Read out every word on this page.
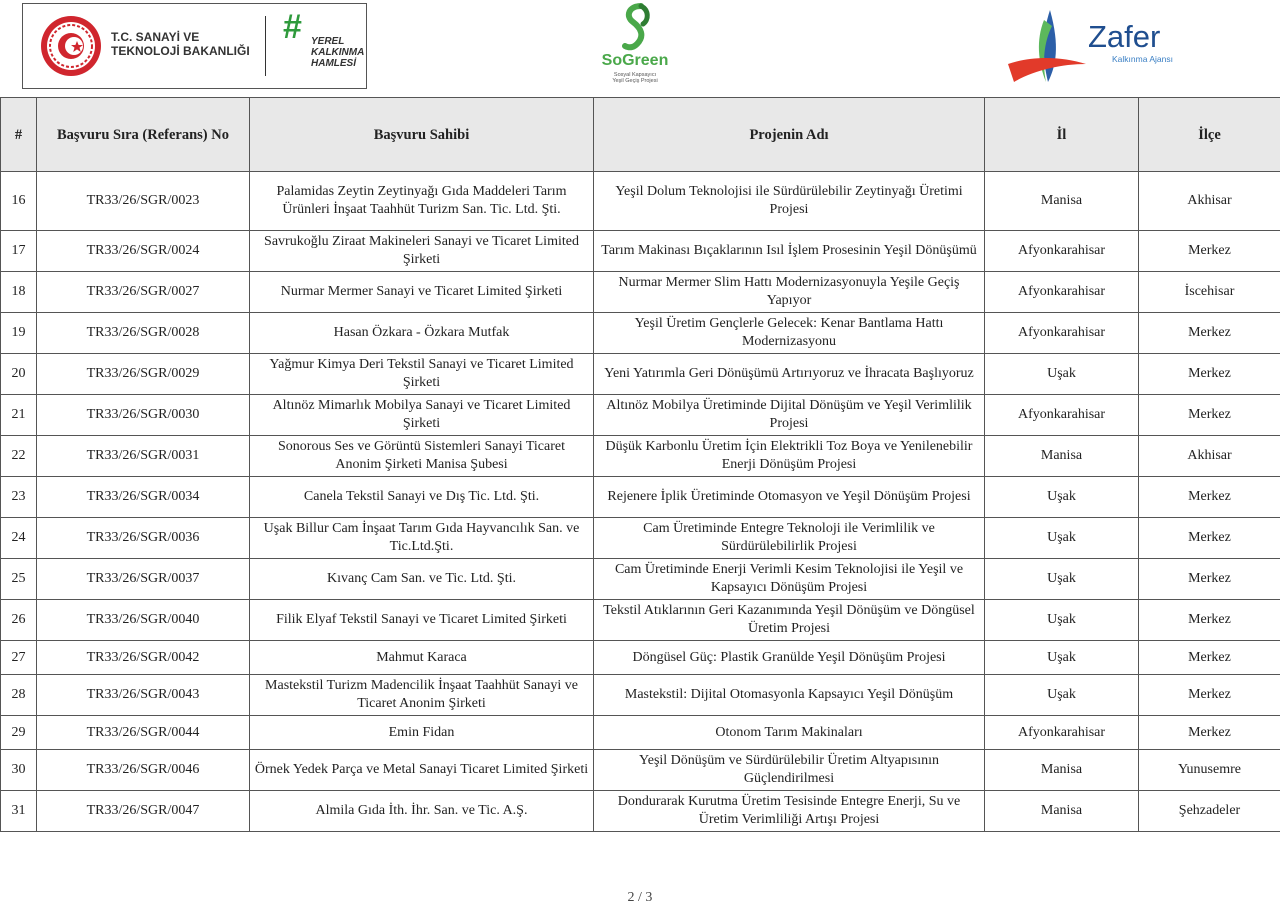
T.C. SANAYİ VE
TEKNOLOJİ BAKANLIĞI
# YEREL
KALKINMA
HAMLESİ	SoGreen
Sosyal Kapsayıcı
Yeşil Geçiş Projesi
Zafer
Kalkınma Ajansı
#	Başvuru Sıra (Referans) No	Başvuru Sahibi	Projenin Adı	İl	İlçe
16	TR33/26/SGR/0023	Palamidas Zeytin Zeytinyağı Gıda Maddeleri Tarım Ürünleri İnşaat Taahhüt Turizm San. Tic. Ltd. Şti.	Yeşil Dolum Teknolojisi ile Sürdürülebilir Zeytinyağı Üretimi Projesi	Manisa	Akhisar
17	TR33/26/SGR/0024	Savrukoğlu Ziraat Makineleri Sanayi ve Ticaret Limited Şirketi	Tarım Makinası Bıçaklarının Isıl İşlem Prosesinin Yeşil Dönüşümü	Afyonkarahisar	Merkez
18	TR33/26/SGR/0027	Nurmar Mermer Sanayi ve Ticaret Limited Şirketi	Nurmar Mermer Slim Hattı Modernizasyonuyla Yeşile Geçiş Yapıyor	Afyonkarahisar	İscehisar
19	TR33/26/SGR/0028	Hasan Özkara - Özkara Mutfak	Yeşil Üretim Gençlerle Gelecek: Kenar Bantlama Hattı Modernizasyonu	Afyonkarahisar	Merkez
20	TR33/26/SGR/0029	Yağmur Kimya Deri Tekstil Sanayi ve Ticaret Limited Şirketi	Yeni Yatırımla Geri Dönüşümü Artırıyoruz ve İhracata Başlıyoruz	Uşak	Merkez
21	TR33/26/SGR/0030	Altınöz Mimarlık Mobilya Sanayi ve Ticaret Limited Şirketi	Altınöz Mobilya Üretiminde Dijital Dönüşüm ve Yeşil Verimlilik Projesi	Afyonkarahisar	Merkez
22	TR33/26/SGR/0031	Sonorous Ses ve Görüntü Sistemleri Sanayi Ticaret Anonim Şirketi Manisa Şubesi	Düşük Karbonlu Üretim İçin Elektrikli Toz Boya ve Yenilenebilir Enerji Dönüşüm Projesi	Manisa	Akhisar
23	TR33/26/SGR/0034	Canela Tekstil Sanayi ve Dış Tic. Ltd. Şti.	Rejenere İplik Üretiminde Otomasyon ve Yeşil Dönüşüm Projesi	Uşak	Merkez
24	TR33/26/SGR/0036	Uşak Billur Cam İnşaat Tarım Gıda Hayvancılık San. ve Tic.Ltd.Şti.	Cam Üretiminde Entegre Teknoloji ile Verimlilik ve Sürdürülebilirlik Projesi	Uşak	Merkez
25	TR33/26/SGR/0037	Kıvanç Cam San. ve Tic. Ltd. Şti.	Cam Üretiminde Enerji Verimli Kesim Teknolojisi ile Yeşil ve Kapsayıcı Dönüşüm Projesi	Uşak	Merkez
26	TR33/26/SGR/0040	Filik Elyaf Tekstil Sanayi ve Ticaret Limited Şirketi	Tekstil Atıklarının Geri Kazanımında Yeşil Dönüşüm ve Döngüsel Üretim Projesi	Uşak	Merkez
27	TR33/26/SGR/0042	Mahmut Karaca	Döngüsel Güç: Plastik Granülde Yeşil Dönüşüm Projesi	Uşak	Merkez
28	TR33/26/SGR/0043	Mastekstil Turizm Madencilik İnşaat Taahhüt Sanayi ve Ticaret Anonim Şirketi	Mastekstil: Dijital Otomasyonla Kapsayıcı Yeşil Dönüşüm	Uşak	Merkez
29	TR33/26/SGR/0044	Emin Fidan	Otonom Tarım Makinaları	Afyonkarahisar	Merkez
30	TR33/26/SGR/0046	Örnek Yedek Parça ve Metal Sanayi Ticaret Limited Şirketi	Yeşil Dönüşüm ve Sürdürülebilir Üretim Altyapısının Güçlendirilmesi	Manisa	Yunusemre
31	TR33/26/SGR/0047	Almila Gıda İth. İhr. San. ve Tic. A.Ş.	Dondurarak Kurutma Üretim Tesisinde Entegre Enerji, Su ve Üretim Verimliliği Artışı Projesi	Manisa	Şehzadeler
2 / 3
